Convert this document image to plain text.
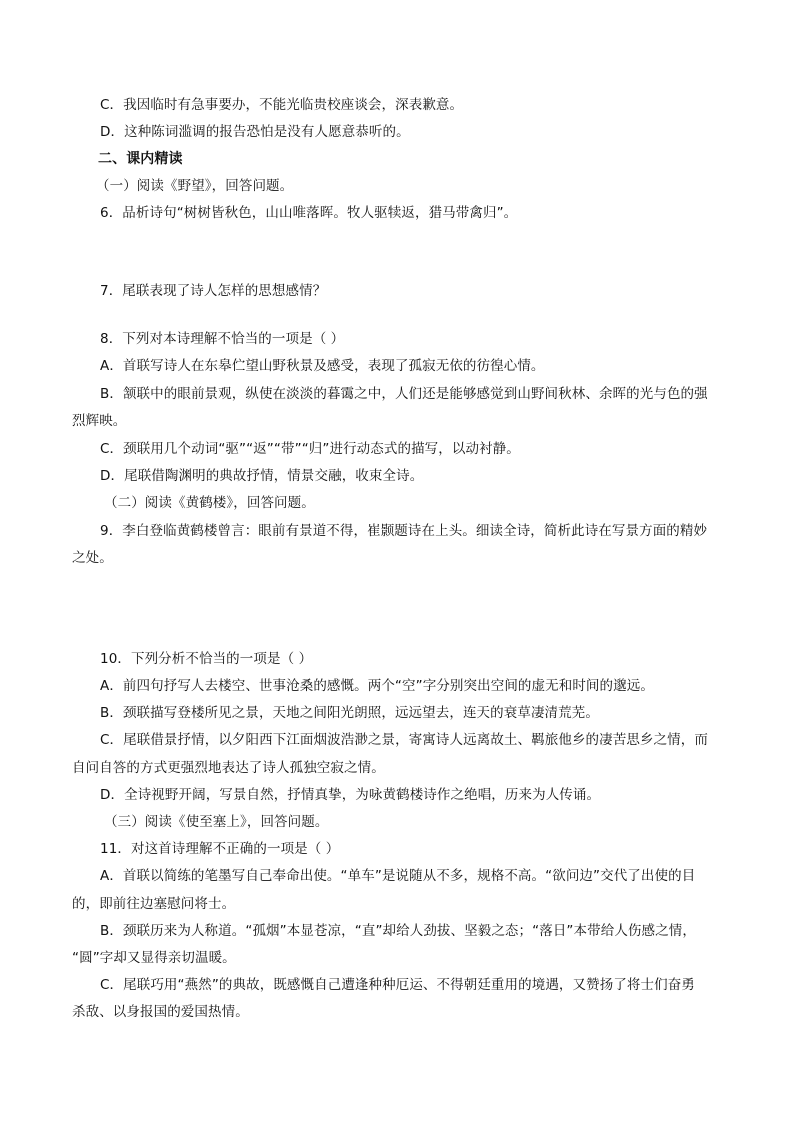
C．我因临时有急事要办，不能光临贵校座谈会，深表歉意。
D．这种陈词滥调的报告恐怕是没有人愿意恭听的。
二、课内精读
（一）阅读《野望》，回答问题。
6．品析诗句“树树皆秋色，山山唯落晖。牧人驱犊返，猎马带禽归”。
7．尾联表现了诗人怎样的思想感情？
8．下列对本诗理解不恰当的一项是（ ）
A．首联写诗人在东皋伫望山野秋景及感受，表现了孤寂无依的彷徨心情。
B．颔联中的眼前景观，纵使在淡淡的暮霭之中，人们还是能够感觉到山野间秋林、余晖的光与色的强
烈辉映。
C．颈联用几个动词“驱”“返”“带”“归”进行动态式的描写，以动衬静。
D．尾联借陶渊明的典故抒情，情景交融，收束全诗。
（二）阅读《黄鹤楼》，回答问题。
9．李白登临黄鹤楼曾言：眼前有景道不得，崔颢题诗在上头。细读全诗，简析此诗在写景方面的精妙
之处。
10．下列分析不恰当的一项是（ ）
A．前四句抒写人去楼空、世事沧桑的感慨。两个“空”字分别突出空间的虚无和时间的邈远。
B．颈联描写登楼所见之景，天地之间阳光朗照，远远望去，连天的衰草凄清荒芜。
C．尾联借景抒情，以夕阳西下江面烟波浩渺之景，寄寓诗人远离故土、羁旅他乡的凄苦思乡之情，而
自问自答的方式更强烈地表达了诗人孤独空寂之情。
D．全诗视野开阔，写景自然，抒情真挚，为咏黄鹤楼诗作之绝唱，历来为人传诵。
（三）阅读《使至塞上》，回答问题。
11．对这首诗理解不正确的一项是（ ）
A．首联以简练的笔墨写自己奉命出使。“单车”是说随从不多，规格不高。“欲问边”交代了出使的目
的，即前往边塞慰问将士。
B．颈联历来为人称道。“孤烟”本显苍凉，“直”却给人劲拔、坚毅之态；“落日”本带给人伤感之情，
“圆”字却又显得亲切温暖。
C．尾联巧用“燕然”的典故，既感慨自己遭逢种种厄运、不得朝廷重用的境遇，又赞扬了将士们奋勇
杀敌、以身报国的爱国热情。
